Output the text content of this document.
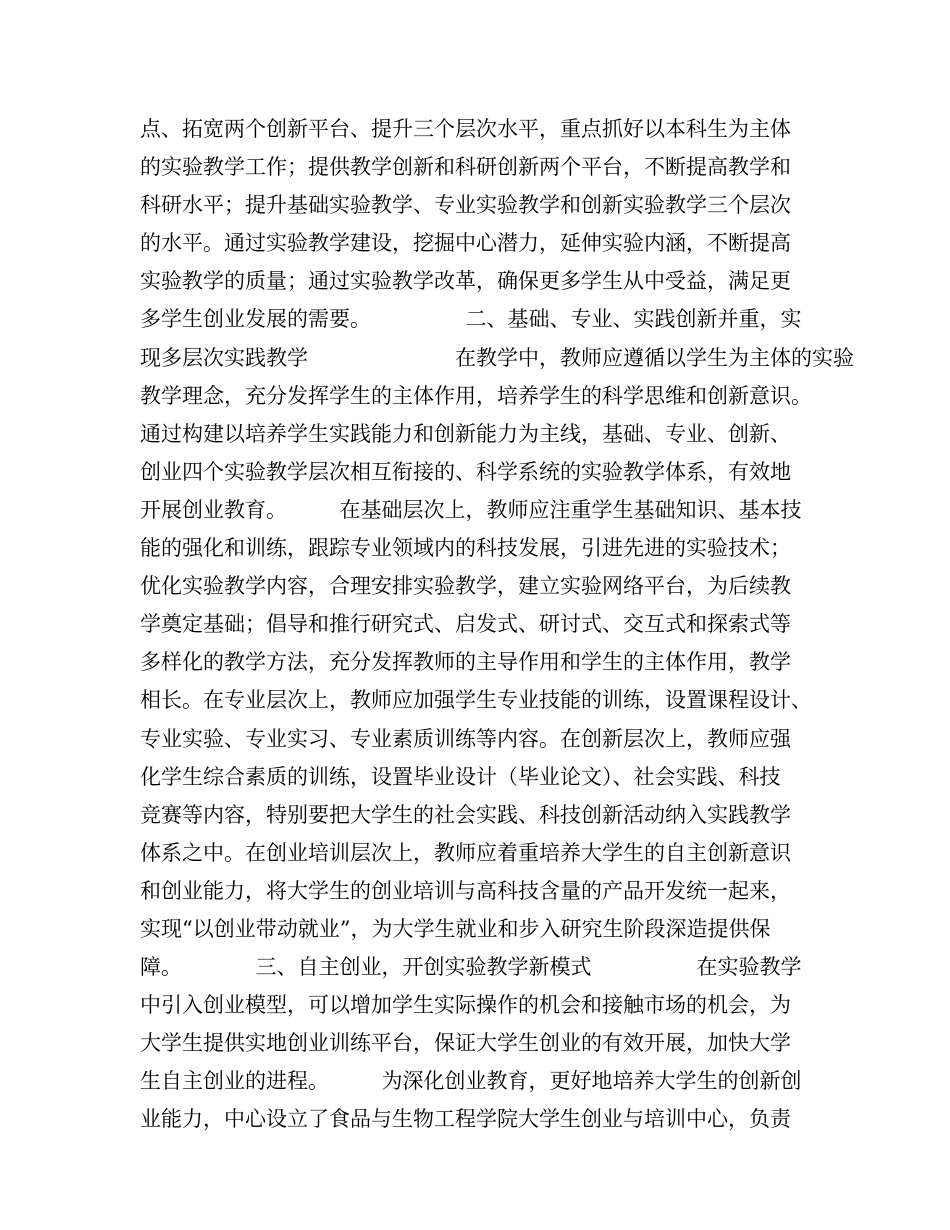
点、拓宽两个创新平台、提升三个层次水平，重点抓好以本科生为主体
的实验教学工作；提供教学创新和科研创新两个平台，不断提高教学和
科研水平；提升基础实验教学、专业实验教学和创新实验教学三个层次
的水平。通过实验教学建设，挖掘中心潜力，延伸实验内涵，不断提高
实验教学的质量；通过实验教学改革，确保更多学生从中受益，满足更
多学生创业发展的需要。　　　　　二、基础、专业、实践创新并重，实
现多层次实践教学　　　　　　　在教学中，教师应遵循以学生为主体的实验
教学理念，充分发挥学生的主体作用，培养学生的科学思维和创新意识。
通过构建以培养学生实践能力和创新能力为主线，基础、专业、创新、
创业四个实验教学层次相互衔接的、科学系统的实验教学体系，有效地
开展创业教育。　　　在基础层次上，教师应注重学生基础知识、基本技
能的强化和训练，跟踪专业领域内的科技发展，引进先进的实验技术；
优化实验教学内容，合理安排实验教学，建立实验网络平台，为后续教
学奠定基础；倡导和推行研究式、启发式、研讨式、交互式和探索式等
多样化的教学方法，充分发挥教师的主导作用和学生的主体作用，教学
相长。在专业层次上，教师应加强学生专业技能的训练，设置课程设计、
专业实验、专业实习、专业素质训练等内容。在创新层次上，教师应强
化学生综合素质的训练，设置毕业设计（毕业论文）、社会实践、科技
竞赛等内容，特别要把大学生的社会实践、科技创新活动纳入实践教学
体系之中。在创业培训层次上，教师应着重培养大学生的自主创新意识
和创业能力，将大学生的创业培训与高科技含量的产品开发统一起来，
实现“以创业带动就业”，为大学生就业和步入研究生阶段深造提供保
障。　　　　三、自主创业，开创实验教学新模式　　　　　在实验教学
中引入创业模型，可以增加学生实际操作的机会和接触市场的机会，为
大学生提供实地创业训练平台，保证大学生创业的有效开展，加快大学
生自主创业的进程。　　　为深化创业教育，更好地培养大学生的创新创
业能力，中心设立了食品与生物工程学院大学生创业与培训中心，负责
